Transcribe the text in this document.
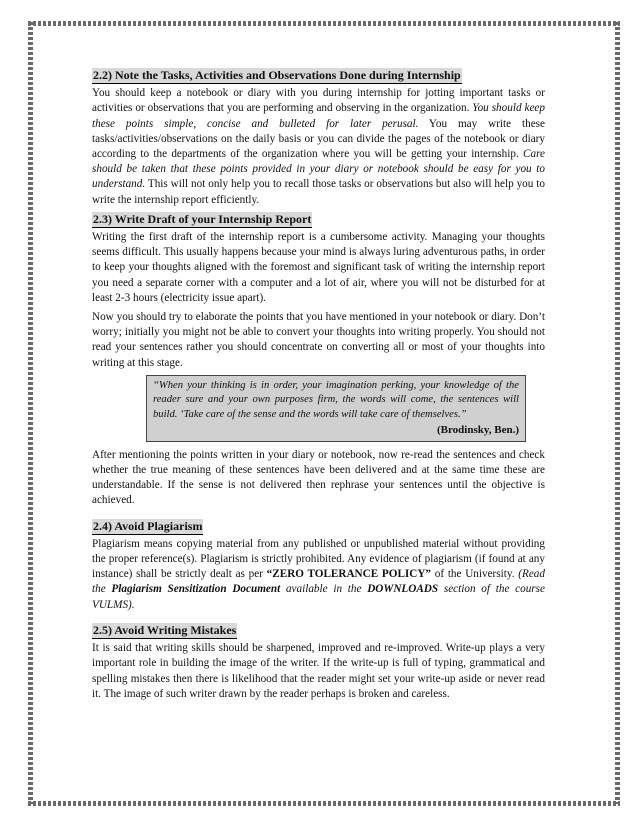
2.2) Note the Tasks, Activities and Observations Done during Internship

You should keep a notebook or diary with you during internship for jotting important tasks or activities or observations that you are performing and observing in the organization. You should keep these points simple, concise and bulleted for later perusal. You may write these tasks/activities/observations on the daily basis or you can divide the pages of the notebook or diary according to the departments of the organization where you will be getting your internship. Care should be taken that these points provided in your diary or notebook should be easy for you to understand. This will not only help you to recall those tasks or observations but also will help you to write the internship report efficiently.

2.3) Write Draft of your Internship Report

Writing the first draft of the internship report is a cumbersome activity. Managing your thoughts seems difficult. This usually happens because your mind is always luring adventurous paths, in order to keep your thoughts aligned with the foremost and significant task of writing the internship report you need a separate corner with a computer and a lot of air, where you will not be disturbed for at least 2-3 hours (electricity issue apart).

Now you should try to elaborate the points that you have mentioned in your notebook or diary. Don’t worry; initially you might not be able to convert your thoughts into writing properly. You should not read your sentences rather you should concentrate on converting all or most of your thoughts into writing at this stage.

“When your thinking is in order, your imagination perking, your knowledge of the reader sure and your own purposes firm, the words will come, the sentences will build. ‘Take care of the sense and the words will take care of themselves.”
(Brodinsky, Ben.)

After mentioning the points written in your diary or notebook, now re-read the sentences and check whether the true meaning of these sentences have been delivered and at the same time these are understandable. If the sense is not delivered then rephrase your sentences until the objective is achieved.

2.4) Avoid Plagiarism

Plagiarism means copying material from any published or unpublished material without providing the proper reference(s). Plagiarism is strictly prohibited. Any evidence of plagiarism (if found at any instance) shall be strictly dealt as per “ZERO TOLERANCE POLICY” of the University. (Read the Plagiarism Sensitization Document available in the DOWNLOADS section of the course VULMS).

2.5) Avoid Writing Mistakes

It is said that writing skills should be sharpened, improved and re-improved. Write-up plays a very important role in building the image of the writer. If the write-up is full of typing, grammatical and spelling mistakes then there is likelihood that the reader might set your write-up aside or never read it. The image of such writer drawn by the reader perhaps is broken and careless.
